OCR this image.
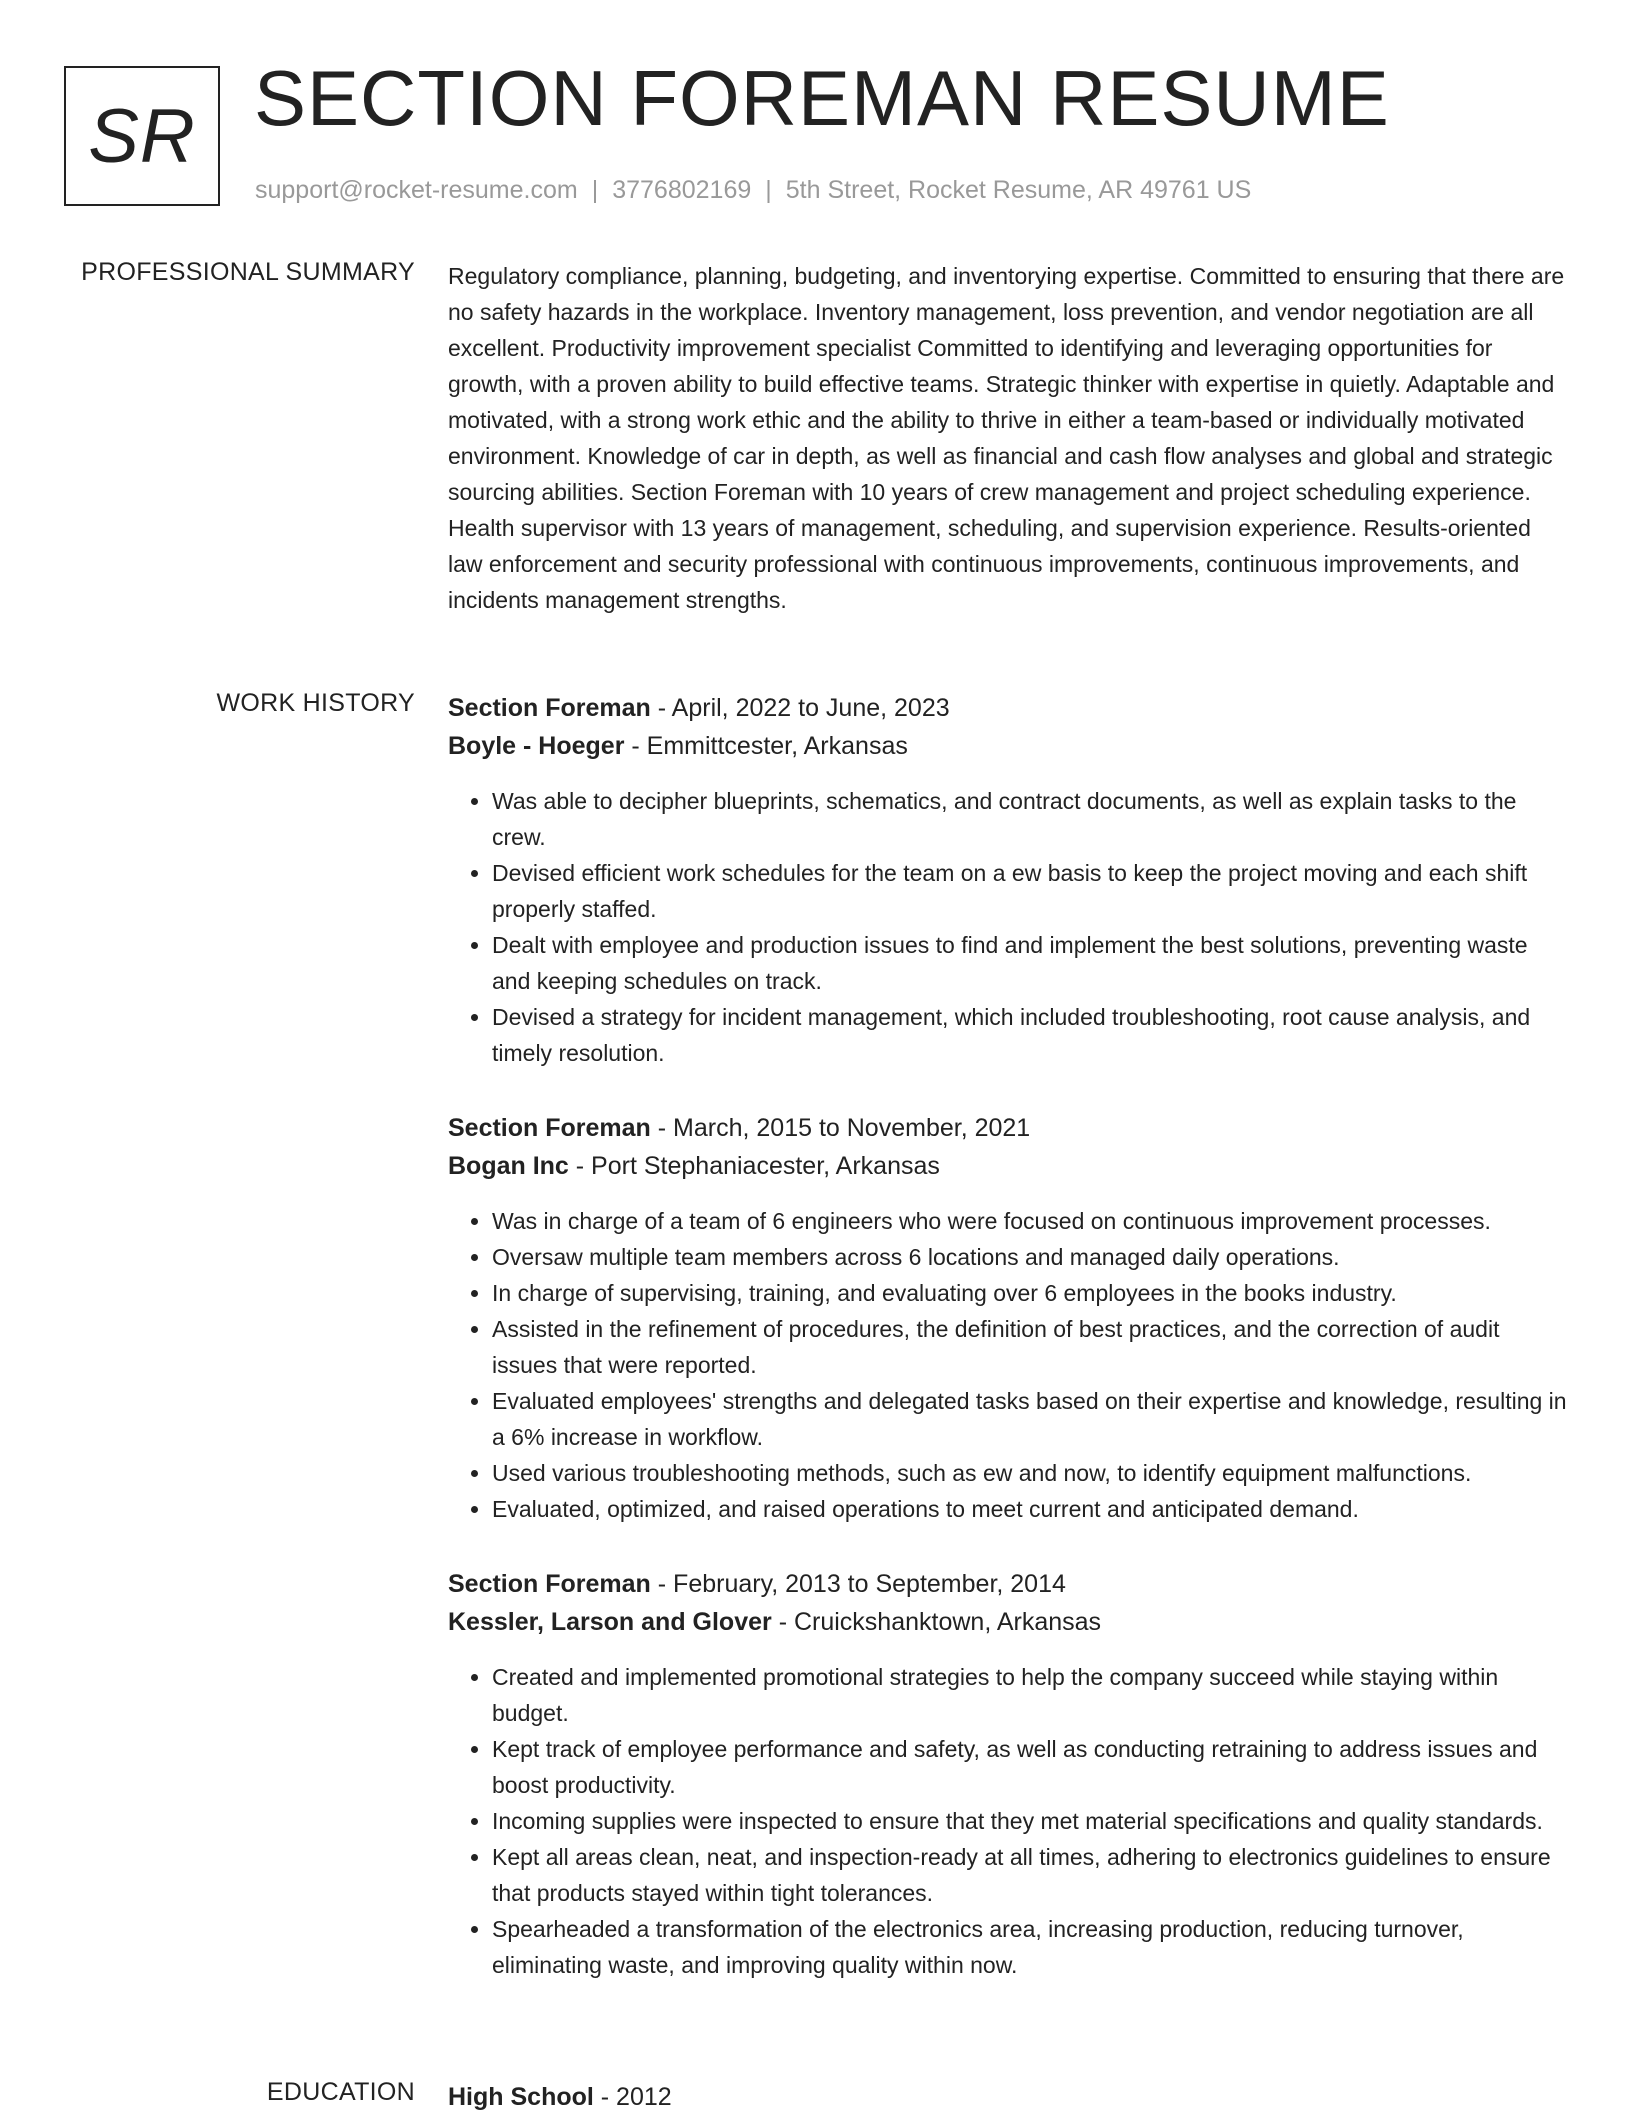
SR SECTION FOREMAN RESUME
support@rocket-resume.com | 3776802169 | 5th Street, Rocket Resume, AR 49761 US
PROFESSIONAL SUMMARY Regulatory compliance, planning, budgeting, and inventorying expertise. Committed to ensuring that there are no safety hazards in the workplace. Inventory management, loss prevention, and vendor negotiation are all excellent. Productivity improvement specialist Committed to identifying and leveraging opportunities for growth, with a proven ability to build effective teams. Strategic thinker with expertise in quietly. Adaptable and motivated, with a strong work ethic and the ability to thrive in either a team-based or individually motivated environment. Knowledge of car in depth, as well as financial and cash flow analyses and global and strategic sourcing abilities. Section Foreman with 10 years of crew management and project scheduling experience. Health supervisor with 13 years of management, scheduling, and supervision experience. Results-oriented law enforcement and security professional with continuous improvements, continuous improvements, and incidents management strengths.

WORK HISTORY Section Foreman - April, 2022 to June, 2023
Boyle - Hoeger - Emmittcester, Arkansas
• Was able to decipher blueprints, schematics, and contract documents, as well as explain tasks to the crew.
• Devised efficient work schedules for the team on a ew basis to keep the project moving and each shift properly staffed.
• Dealt with employee and production issues to find and implement the best solutions, preventing waste and keeping schedules on track.
• Devised a strategy for incident management, which included troubleshooting, root cause analysis, and timely resolution.
Section Foreman - March, 2015 to November, 2021
Bogan Inc - Port Stephaniacester, Arkansas
• Was in charge of a team of 6 engineers who were focused on continuous improvement processes.
• Oversaw multiple team members across 6 locations and managed daily operations.
• In charge of supervising, training, and evaluating over 6 employees in the books industry.
• Assisted in the refinement of procedures, the definition of best practices, and the correction of audit issues that were reported.
• Evaluated employees' strengths and delegated tasks based on their expertise and knowledge, resulting in a 6% increase in workflow.
• Used various troubleshooting methods, such as ew and now, to identify equipment malfunctions.
• Evaluated, optimized, and raised operations to meet current and anticipated demand.
Section Foreman - February, 2013 to September, 2014
Kessler, Larson and Glover - Cruickshanktown, Arkansas
• Created and implemented promotional strategies to help the company succeed while staying within budget.
• Kept track of employee performance and safety, as well as conducting retraining to address issues and boost productivity.
• Incoming supplies were inspected to ensure that they met material specifications and quality standards.
• Kept all areas clean, neat, and inspection-ready at all times, adhering to electronics guidelines to ensure that products stayed within tight tolerances.
• Spearheaded a transformation of the electronics area, increasing production, reducing turnover, eliminating waste, and improving quality within now.
EDUCATION High School - 2012
